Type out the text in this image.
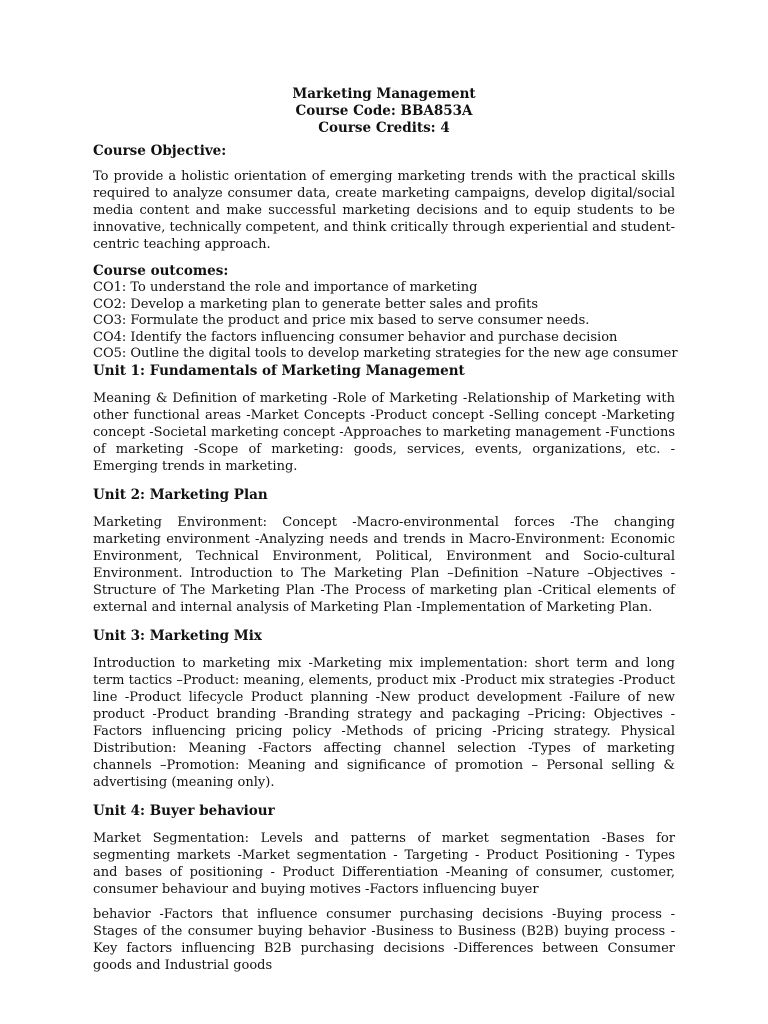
Marketing Management
Course Code: BBA853A
Course Credits: 4
Course Objective:
To provide a holistic orientation of emerging marketing trends with the practical skills required to analyze consumer data, create marketing campaigns, develop digital/social media content and make successful marketing decisions and to equip students to be innovative, technically competent, and think critically through experiential and student-centric teaching approach.
Course outcomes:
CO1: To understand the role and importance of marketing
CO2: Develop a marketing plan to generate better sales and profits
CO3: Formulate the product and price mix based to serve consumer needs.
CO4: Identify the factors influencing consumer behavior and purchase decision
CO5: Outline the digital tools to develop marketing strategies for the new age consumer
Unit 1: Fundamentals of Marketing Management
Meaning & Definition of marketing -Role of Marketing -Relationship of Marketing with other functional areas -Market Concepts -Product concept -Selling concept -Marketing concept -Societal marketing concept -Approaches to marketing management -Functions of marketing -Scope of marketing: goods, services, events, organizations, etc. -Emerging trends in marketing.
Unit 2: Marketing Plan
Marketing Environment: Concept -Macro-environmental forces -The changing marketing environment -Analyzing needs and trends in Macro-Environment: Economic Environment, Technical Environment, Political, Environment and Socio-cultural Environment. Introduction to The Marketing Plan –Definition –Nature –Objectives -Structure of The Marketing Plan -The Process of marketing plan -Critical elements of external and internal analysis of Marketing Plan -Implementation of Marketing Plan.
Unit 3: Marketing Mix
Introduction to marketing mix -Marketing mix implementation: short term and long term tactics –Product: meaning, elements, product mix -Product mix strategies -Product line -Product lifecycle Product planning -New product development -Failure of new product -Product branding -Branding strategy and packaging –Pricing: Objectives -Factors influencing pricing policy -Methods of pricing -Pricing strategy. Physical Distribution: Meaning -Factors affecting channel selection -Types of marketing channels –Promotion: Meaning and significance of promotion – Personal selling & advertising (meaning only).
Unit 4: Buyer behaviour
Market Segmentation: Levels and patterns of market segmentation -Bases for segmenting markets -Market segmentation - Targeting - Product Positioning - Types and bases of positioning - Product Differentiation -Meaning of consumer, customer, consumer behaviour and buying motives -Factors influencing buyer
behavior -Factors that influence consumer purchasing decisions -Buying process -Stages of the consumer buying behavior -Business to Business (B2B) buying process -Key factors influencing B2B purchasing decisions -Differences between Consumer goods and Industrial goods
